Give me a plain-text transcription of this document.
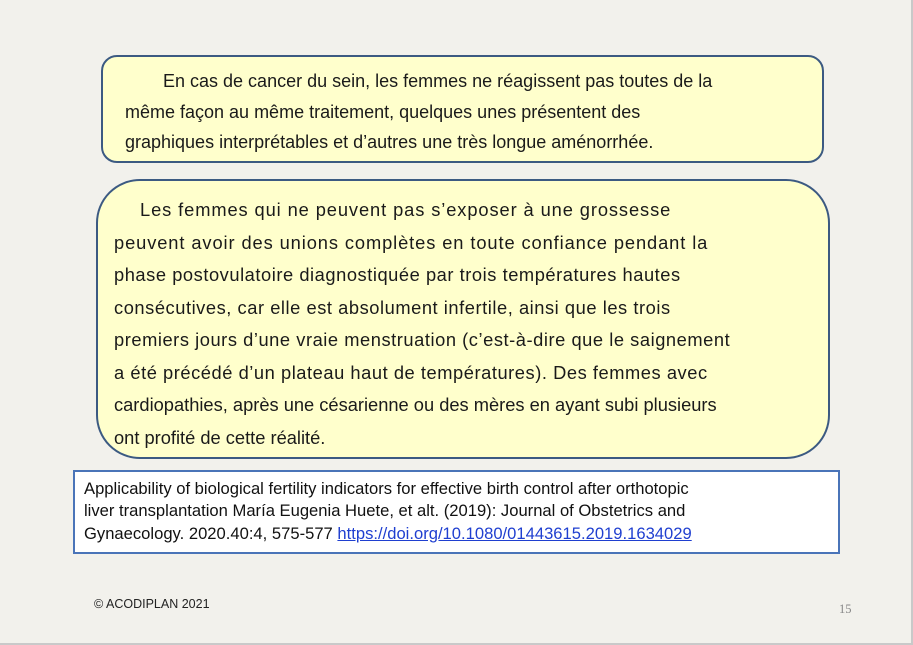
En cas de cancer du sein, les femmes ne réagissent pas toutes de la
même façon au même traitement, quelques unes présentent des
graphiques interprétables et d’autres une très longue aménorrhée.
Les femmes qui ne peuvent pas s’exposer à une grossesse
peuvent avoir des unions complètes en toute confiance pendant la
phase postovulatoire diagnostiquée par trois températures hautes
consécutives, car elle est absolument infertile, ainsi que les trois
premiers jours d’une vraie menstruation (c’est-à-dire que le saignement
a été précédé d’un plateau haut de températures). Des femmes avec
cardiopathies, après une césarienne ou des mères en ayant subi plusieurs
ont profité de cette réalité.
Applicability of biological fertility indicators for effective birth control after orthotopic
liver transplantation María Eugenia Huete, et alt. (2019): Journal of Obstetrics and
Gynaecology. 2020.40:4, 575-577 https://doi.org/10.1080/01443615.2019.1634029
© ACODIPLAN 2021	15
